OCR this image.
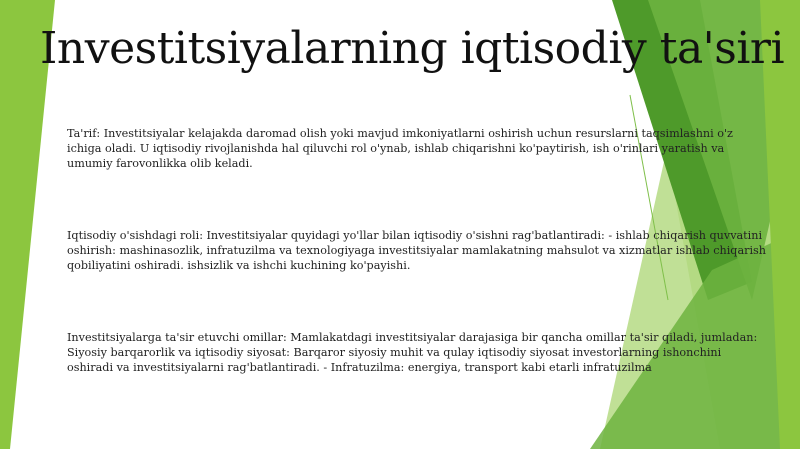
Investitsiyalarning iqtisodiy ta'siri

Ta'rif: Investitsiyalar kelajakda daromad olish yoki mavjud imkoniyatlarni oshirish uchun resurslarni taqsimlashni o'z ichiga oladi. U iqtisodiy rivojlanishda hal qiluvchi rol o'ynab, ishlab chiqarishni ko'paytirish, ish o'rinlari yaratish va umumiy farovonlikka olib keladi.

Iqtisodiy o'sishdagi roli: Investitsiyalar quyidagi yo'llar bilan iqtisodiy o'sishni rag'batlantiradi: - ishlab chiqarish quvvatini oshirish: mashinasozlik, infratuzilma va texnologiyaga investitsiyalar mamlakatning mahsulot va xizmatlar ishlab chiqarish qobiliyatini oshiradi. ishsizlik va ishchi kuchining ko'payishi.

Investitsiyalarga ta'sir etuvchi omillar: Mamlakatdagi investitsiyalar darajasiga bir qancha omillar ta'sir qiladi, jumladan: Siyosiy barqarorlik va iqtisodiy siyosat: Barqaror siyosiy muhit va qulay iqtisodiy siyosat investorlarning ishonchini oshiradi va investitsiyalarni rag'batlantiradi. - Infratuzilma: energiya, transport kabi etarli infratuzilma
